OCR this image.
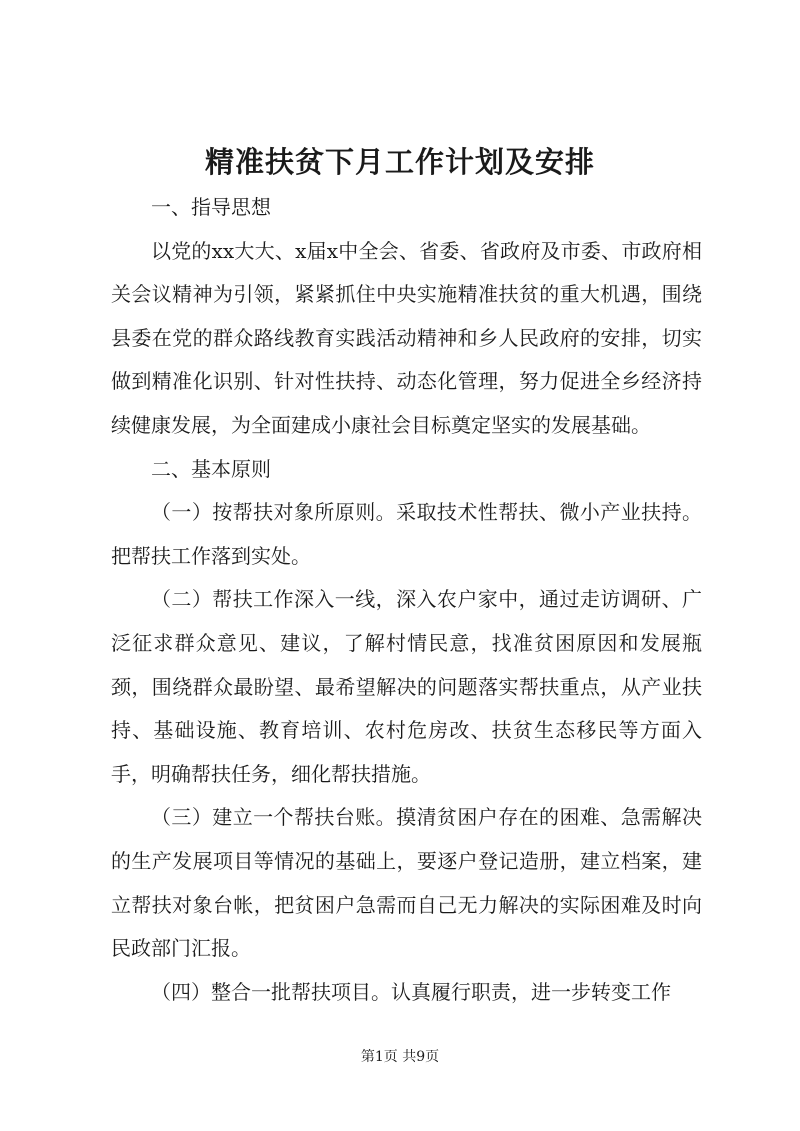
精准扶贫下月工作计划及安排

一、指导思想

以党的xx大大、x届x中全会、省委、省政府及市委、市政府相关会议精神为引领，紧紧抓住中央实施精准扶贫的重大机遇，围绕县委在党的群众路线教育实践活动精神和乡人民政府的安排，切实做到精准化识别、针对性扶持、动态化管理，努力促进全乡经济持续健康发展，为全面建成小康社会目标奠定坚实的发展基础。

二、基本原则

（一）按帮扶对象所原则。采取技术性帮扶、微小产业扶持。把帮扶工作落到实处。

（二）帮扶工作深入一线，深入农户家中，通过走访调研、广泛征求群众意见、建议，了解村情民意，找准贫困原因和发展瓶颈，围绕群众最盼望、最希望解决的问题落实帮扶重点，从产业扶持、基础设施、教育培训、农村危房改、扶贫生态移民等方面入手，明确帮扶任务，细化帮扶措施。

（三）建立一个帮扶台账。摸清贫困户存在的困难、急需解决的生产发展项目等情况的基础上，要逐户登记造册，建立档案，建立帮扶对象台帐，把贫困户急需而自己无力解决的实际困难及时向民政部门汇报。

（四）整合一批帮扶项目。认真履行职责，进一步转变工作

第1页 共9页
